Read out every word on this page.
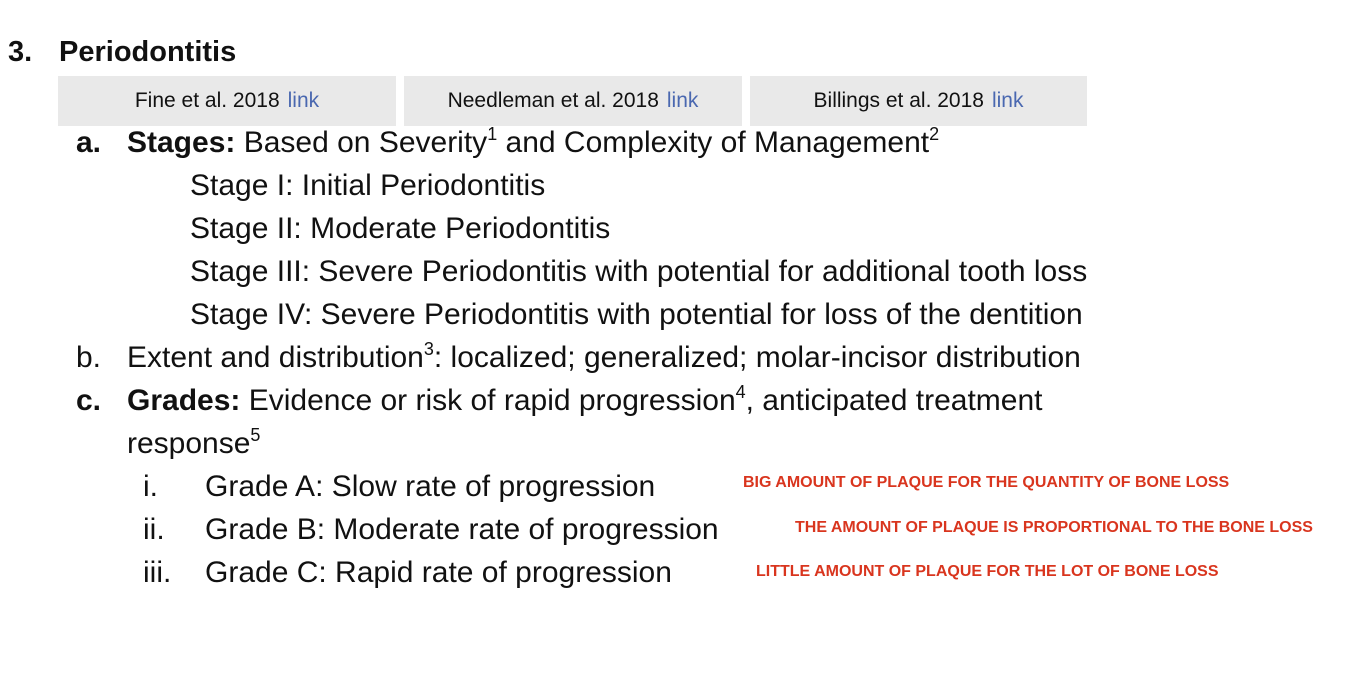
3. Periodontitis
Fine et al. 2018 link	Needleman et al. 2018 link	Billings et al. 2018 link
a. Stages: Based on Severity$^1$ and Complexity of Management$^2$
Stage I: Initial Periodontitis
Stage II: Moderate Periodontitis
Stage III: Severe Periodontitis with potential for additional tooth loss
Stage IV: Severe Periodontitis with potential for loss of the dentition
b. Extent and distribution$^3$: localized; generalized; molar-incisor distribution
c. Grades: Evidence or risk of rapid progression$^4$, anticipated treatment
response$^5$
i. Grade A: Slow rate of progression
ii. Grade B: Moderate rate of progression
iii. Grade C: Rapid rate of progression
BIG AMOUNT OF PLAQUE FOR THE QUANTITY OF BONE LOSS
THE AMOUNT OF PLAQUE IS PROPORTIONAL TO THE BONE LOSS
LITTLE AMOUNT OF PLAQUE FOR THE LOT OF BONE LOSS
